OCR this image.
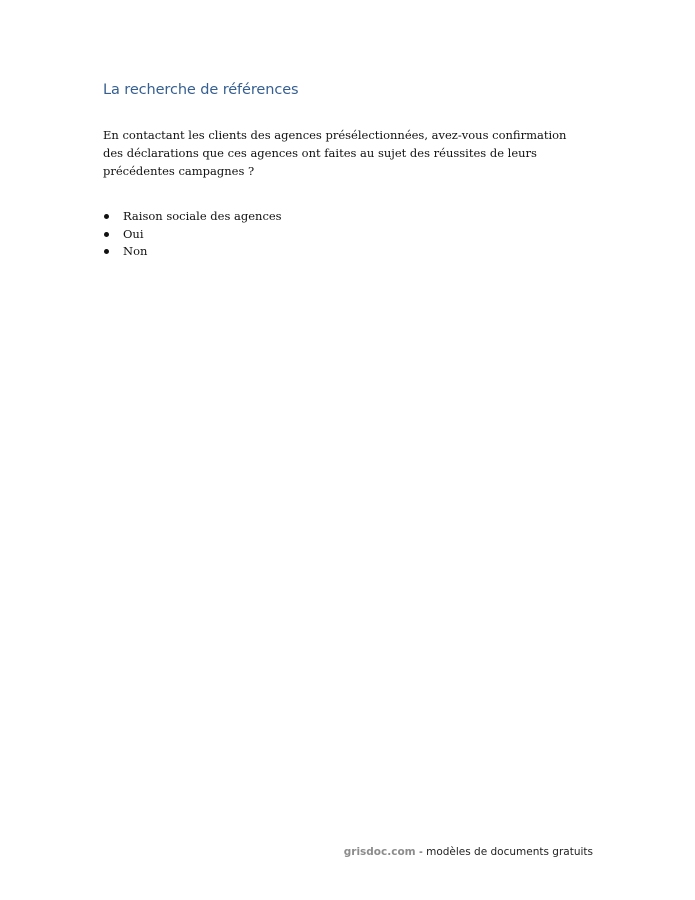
La recherche de références

En contactant les clients des agences présélectionnées, avez-vous confirmation des déclarations que ces agences ont faites au sujet des réussites de leurs précédentes campagnes ?

Raison sociale des agences
Oui
Non
grisdoc.com - modèles de documents gratuits
